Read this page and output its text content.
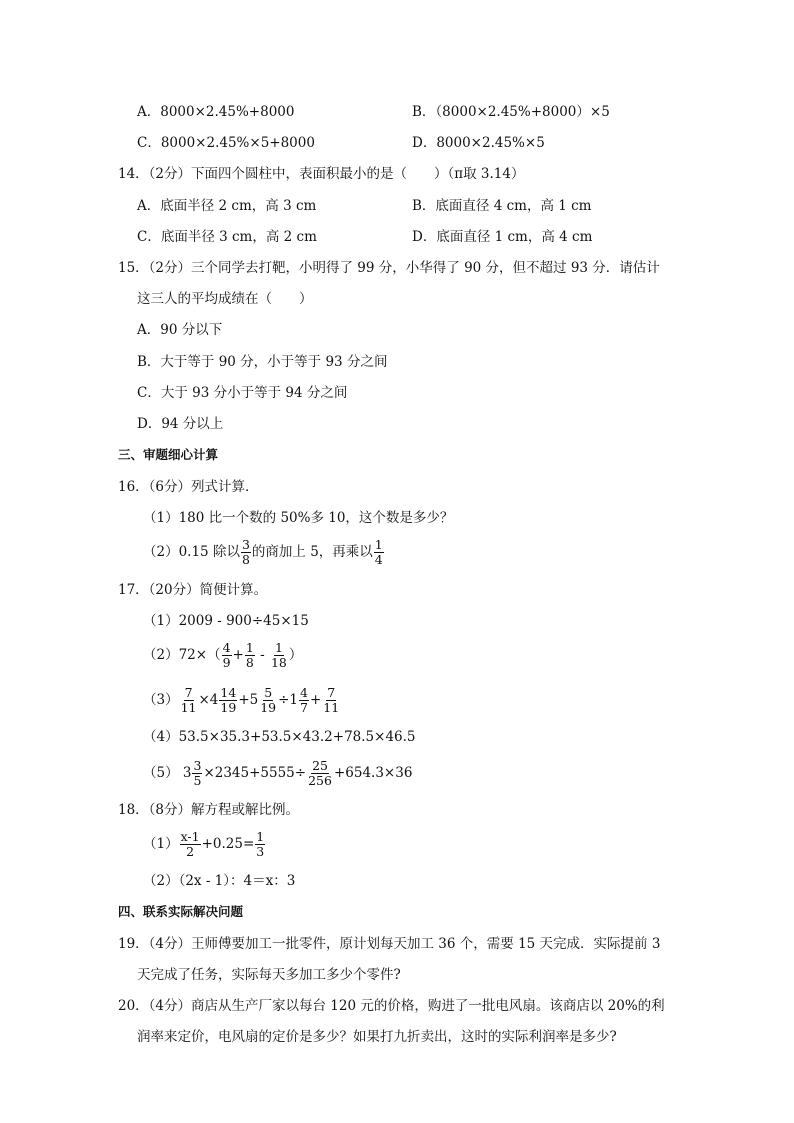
A．8000×2.45%+8000	B．（8000×2.45%+8000）×5
C．8000×2.45%×5+8000	D．8000×2.45%×5
14．（2分）下面四个圆柱中，表面积最小的是（　　）（π取 3.14）
A．底面半径 2 cm，高 3 cm	B．底面直径 4 cm，高 1 cm
C．底面半径 3 cm，高 2 cm	D．底面直径 1 cm，高 4 cm
15．（2分）三个同学去打靶，小明得了 99 分，小华得了 90 分，但不超过 93 分．请估计
这三人的平均成绩在（　　）
A．90 分以下
B．大于等于 90 分，小于等于 93 分之间
C．大于 93 分小于等于 94 分之间
D．94 分以上
三、审题细心计算
16．（6分）列式计算．
（1）180 比一个数的 50%多 10，这个数是多少？
（2）0.15 除以 $\frac{3}{8}$ 的商加上 5，再乘以 $\frac{1}{4}$
17．（20分）简便计算。
（1）2009 - 900÷45×15
$(2)72\times( \frac{4}{9} + \frac{1}{8} - \frac{1}{18}$ ）
$(3) \frac{7}{11} \times 4 \frac{14}{19} +5 \frac{5}{19} \div 1 \frac{4}{7} + \frac{7}{11}$
（4）53.5×35.3+53.5×43.2+78.5×46.5
（5） $3 \frac{3}{5} \times 2345+5555\div \frac{25}{256} +654.3\times 36$
18．（8分）解方程或解比例。
$(1) \frac{x-1}{2} +0.25= \frac{1}{3}$
（2）（2x - 1）：4＝x：3
四、联系实际解决问题
19．（4分）王师傅要加工一批零件，原计划每天加工 36 个，需要 15 天完成．实际提前 3
天完成了任务，实际每天多加工多少个零件?
20．（4分）商店从生产厂家以每台 120 元的价格，购进了一批电风扇。该商店以 20%的利
润率来定价，电风扇的定价是多少？如果打九折卖出，这时的实际利润率是多少?
